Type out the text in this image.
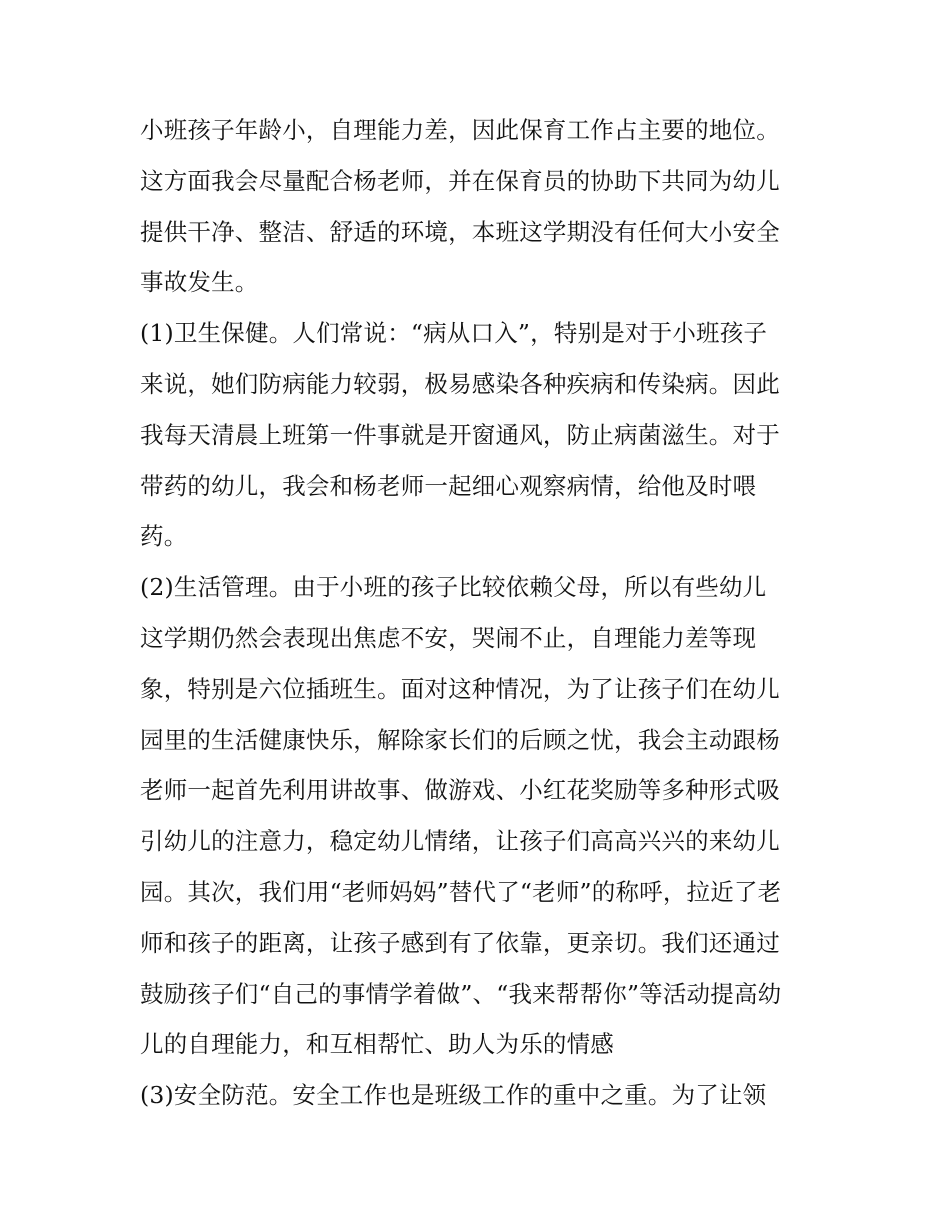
小班孩子年龄小，自理能力差，因此保育工作占主要的地位。
这方面我会尽量配合杨老师，并在保育员的协助下共同为幼儿
提供干净、整洁、舒适的环境，本班这学期没有任何大小安全
事故发生。
(1)卫生保健。人们常说：“病从口入”，特别是对于小班孩子
来说，她们防病能力较弱，极易感染各种疾病和传染病。因此
我每天清晨上班第一件事就是开窗通风，防止病菌滋生。对于
带药的幼儿，我会和杨老师一起细心观察病情，给他及时喂
药。
(2)生活管理。由于小班的孩子比较依赖父母，所以有些幼儿
这学期仍然会表现出焦虑不安，哭闹不止，自理能力差等现
象，特别是六位插班生。面对这种情况，为了让孩子们在幼儿
园里的生活健康快乐，解除家长们的后顾之忧，我会主动跟杨
老师一起首先利用讲故事、做游戏、小红花奖励等多种形式吸
引幼儿的注意力，稳定幼儿情绪，让孩子们高高兴兴的来幼儿
园。其次，我们用“老师妈妈”替代了“老师”的称呼，拉近了老
师和孩子的距离，让孩子感到有了依靠，更亲切。我们还通过
鼓励孩子们“自己的事情学着做”、“我来帮帮你”等活动提高幼
儿的自理能力，和互相帮忙、助人为乐的情感
(3)安全防范。安全工作也是班级工作的重中之重。为了让领
